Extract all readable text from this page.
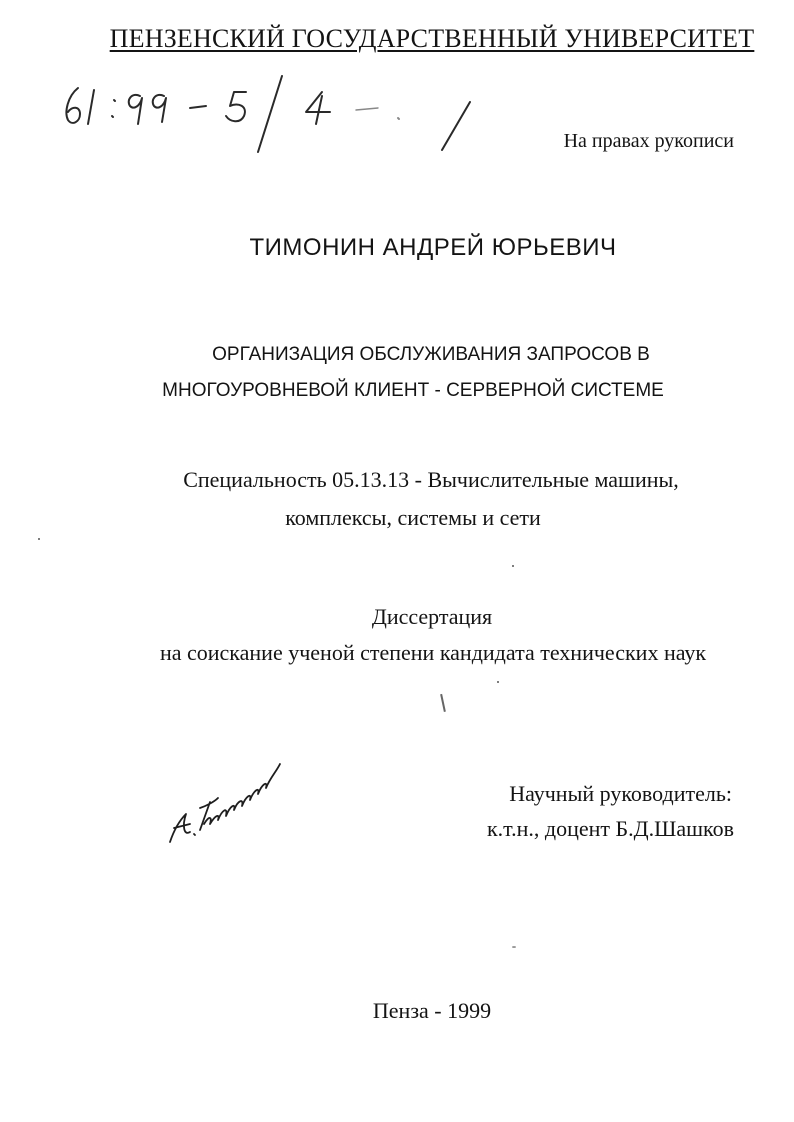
ПЕНЗЕНСКИЙ ГОСУДАРСТВЕННЫЙ УНИВЕРСИТЕТ
На правах рукописи
ТИМОНИН АНДРЕЙ ЮРЬЕВИЧ
ОРГАНИЗАЦИЯ ОБСЛУЖИВАНИЯ ЗАПРОСОВ В
МНОГОУРОВНЕВОЙ КЛИЕНТ - СЕРВЕРНОЙ СИСТЕМЕ
Специальность 05.13.13 - Вычислительные машины,
комплексы, системы и сети
Диссертация
на соискание ученой степени кандидата технических наук
Научный руководитель:
к.т.н., доцент Б.Д.Шашков
Пенза - 1999
